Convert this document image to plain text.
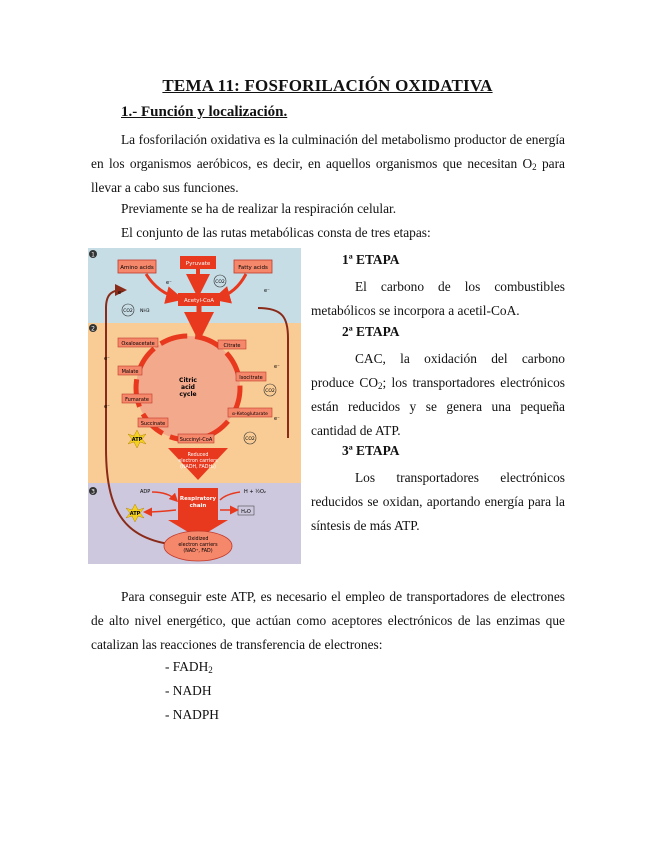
TEMA 11: FOSFORILACIÓN OXIDATIVA
1.- Función y localización.
La fosforilación oxidativa es la culminación del metabolismo productor de energía en los organismos aeróbicos, es decir, en aquellos organismos que necesitan $O_2$ para llevar a cabo sus funciones.
Previamente se ha de realizar la respiración celular.
El conjunto de las rutas metabólicas consta de tres etapas:
1ª ETAPA
El carbono de los combustibles metabólicos se incorpora a acetil-CoA.
2ª ETAPA
CAC, la oxidación del carbono produce $CO_2$; los transportadores electrónicos están reducidos y se genera una pequeña cantidad de ATP.
3ª ETAPA
Los transportadores electrónicos reducidos se oxidan, aportando energía para la síntesis de más ATP.
Para conseguir este ATP, es necesario el empleo de transportadores de electrones de alto nivel energético, que actúan como aceptores electrónicos de las enzimas que catalizan las reacciones de transferencia de electrones:
- $FADH_2$
- NADH
- NADPH
1
2
3
Amino acids
Pyruvate
Fatty acids
CO2
CO2 NH3
e⁻
e⁻	e⁻
Acetyl-CoA
Citric
acid
cycle
Oxaloacetate	Citrate
Malate
Isocitrate
Fumarate
α-Ketoglutarate
Succinate
Succinyl-CoA
CO2
CO2
e⁻
e⁻
e⁻
e⁻
ATP
Reduced
electron carriers
(NADH, FADH₂)
Respiratory
chain
ADP
ATP
H + ½O₂
H₂O
Oxidized
electron carriers
(NAD⁺, FAD)
